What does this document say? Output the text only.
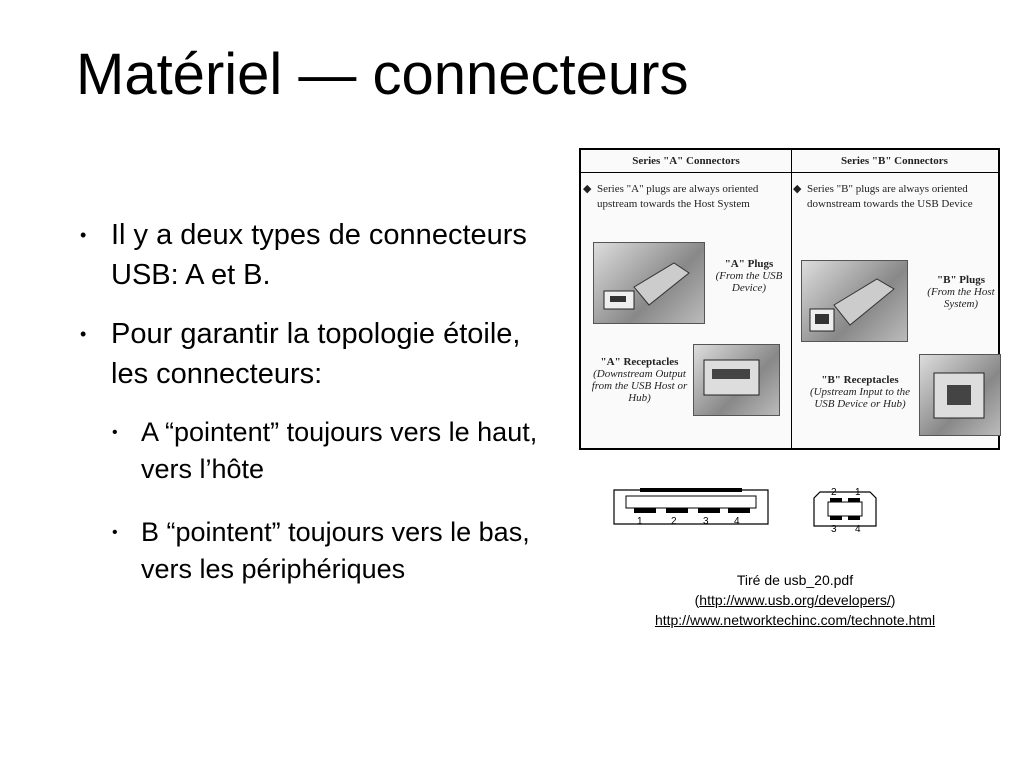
Matériel — connecteurs
• Il y a deux types de connecteurs USB: A et B.
• Pour garantir la topologie étoile, les connecteurs:
• A “pointent” toujours vers le haut, vers l’hôte
• B “pointent” toujours vers le bas, vers les périphériques
Series "A" Connectors
◆ Series "A" plugs are always oriented upstream towards the Host System
"A" Plugs
(From the USB Device)
"A" Receptacles
(Downstream Output from the USB Host or Hub)
Series "B" Connectors
◆ Series "B" plugs are always oriented downstream towards the USB Device
"B" Plugs
(From the Host System)
"B" Receptacles
(Upstream Input to the USB Device or Hub)
1	2	3	4
2 1
3 4
Tiré de usb_20.pdf
(http://www.usb.org/developers/)
http://www.networktechinc.com/technote.html
